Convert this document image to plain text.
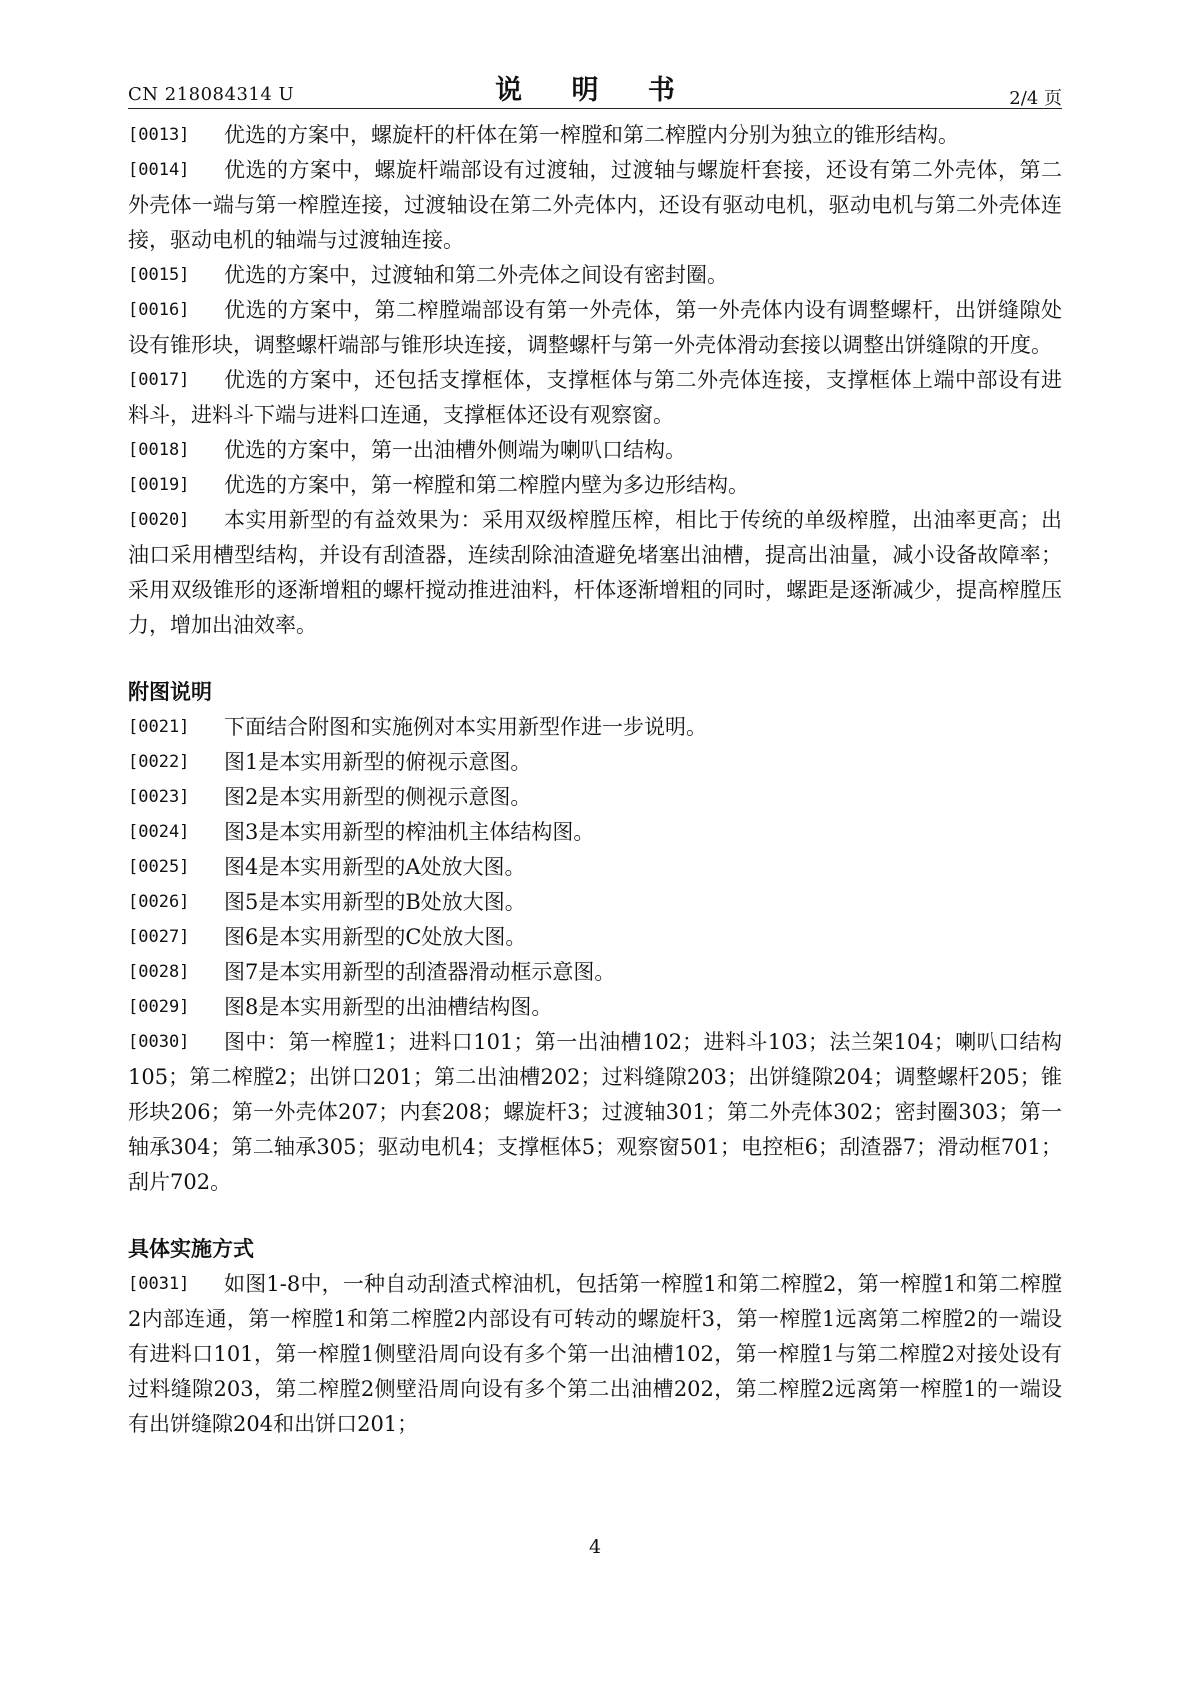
CN 218084314 U	说 明 书	2/4 页
[0013]	优选的方案中，螺旋杆的杆体在第一榨膛和第二榨膛内分别为独立的锥形结构。
[0014]	优选的方案中，螺旋杆端部设有过渡轴，过渡轴与螺旋杆套接，还设有第二外壳体，第二外壳体一端与第一榨膛连接，过渡轴设在第二外壳体内，还设有驱动电机，驱动电机与第二外壳体连接，驱动电机的轴端与过渡轴连接。
[0015]	优选的方案中，过渡轴和第二外壳体之间设有密封圈。
[0016]	优选的方案中，第二榨膛端部设有第一外壳体，第一外壳体内设有调整螺杆，出饼缝隙处设有锥形块，调整螺杆端部与锥形块连接，调整螺杆与第一外壳体滑动套接以调整出饼缝隙的开度。
[0017]	优选的方案中，还包括支撑框体，支撑框体与第二外壳体连接，支撑框体上端中部设有进料斗，进料斗下端与进料口连通，支撑框体还设有观察窗。
[0018]	优选的方案中，第一出油槽外侧端为喇叭口结构。
[0019]	优选的方案中，第一榨膛和第二榨膛内壁为多边形结构。
[0020]	本实用新型的有益效果为：采用双级榨膛压榨，相比于传统的单级榨膛，出油率更高；出油口采用槽型结构，并设有刮渣器，连续刮除油渣避免堵塞出油槽，提高出油量，减小设备故障率；采用双级锥形的逐渐增粗的螺杆搅动推进油料，杆体逐渐增粗的同时，螺距是逐渐减少，提高榨膛压力，增加出油效率。
附图说明
[0021]	下面结合附图和实施例对本实用新型作进一步说明。
[0022]	图1是本实用新型的俯视示意图。
[0023]	图2是本实用新型的侧视示意图。
[0024]	图3是本实用新型的榨油机主体结构图。
[0025]	图4是本实用新型的A处放大图。
[0026]	图5是本实用新型的B处放大图。
[0027]	图6是本实用新型的C处放大图。
[0028]	图7是本实用新型的刮渣器滑动框示意图。
[0029]	图8是本实用新型的出油槽结构图。
[0030]	图中：第一榨膛1；进料口101；第一出油槽102；进料斗103；法兰架104；喇叭口结构105；第二榨膛2；出饼口201；第二出油槽202；过料缝隙203；出饼缝隙204；调整螺杆205；锥形块206；第一外壳体207；内套208；螺旋杆3；过渡轴301；第二外壳体302；密封圈303；第一轴承304；第二轴承305；驱动电机4；支撑框体5；观察窗501；电控柜6；刮渣器7；滑动框701；刮片702。
具体实施方式
[0031]	如图1-8中，一种自动刮渣式榨油机，包括第一榨膛1和第二榨膛2，第一榨膛1和第二榨膛2内部连通，第一榨膛1和第二榨膛2内部设有可转动的螺旋杆3，第一榨膛1远离第二榨膛2的一端设有进料口101，第一榨膛1侧壁沿周向设有多个第一出油槽102，第一榨膛1与第二榨膛2对接处设有过料缝隙203，第二榨膛2侧壁沿周向设有多个第二出油槽202，第二榨膛2远离第一榨膛1的一端设有出饼缝隙204和出饼口201；
4
